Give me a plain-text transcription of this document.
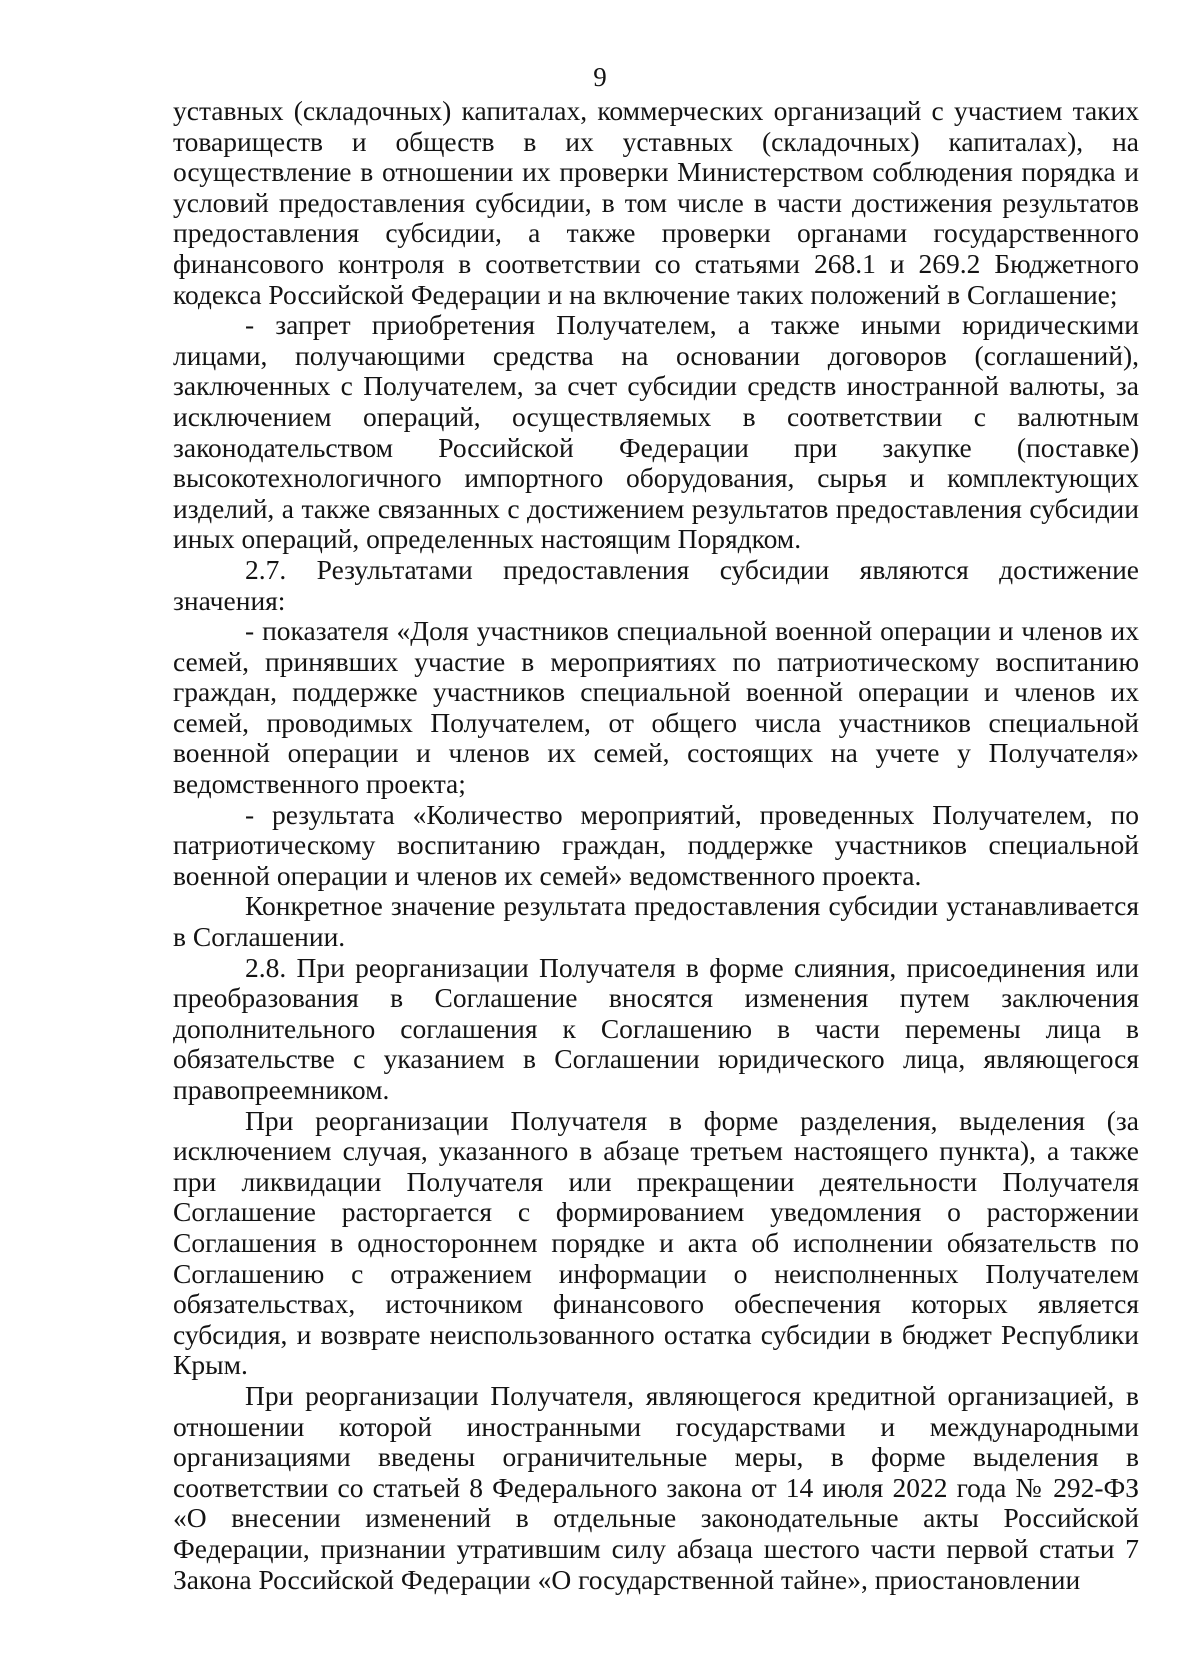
9

уставных (складочных) капиталах, коммерческих организаций с участием таких товариществ и обществ в их уставных (складочных) капиталах), на осуществление в отношении их проверки Министерством соблюдения порядка и условий предоставления субсидии, в том числе в части достижения результатов предоставления субсидии, а также проверки органами государственного финансового контроля в соответствии со статьями 268.1 и 269.2 Бюджетного кодекса Российской Федерации и на включение таких положений в Соглашение;

- запрет приобретения Получателем, а также иными юридическими лицами, получающими средства на основании договоров (соглашений), заключенных с Получателем, за счет субсидии средств иностранной валюты, за исключением операций, осуществляемых в соответствии с валютным законодательством Российской Федерации при закупке (поставке) высокотехнологичного импортного оборудования, сырья и комплектующих изделий, а также связанных с достижением результатов предоставления субсидии иных операций, определенных настоящим Порядком.

2.7. Результатами предоставления субсидии являются достижение значения:

- показателя «Доля участников специальной военной операции и членов их семей, принявших участие в мероприятиях по патриотическому воспитанию граждан, поддержке участников специальной военной операции и членов их семей, проводимых Получателем, от общего числа участников специальной военной операции и членов их семей, состоящих на учете у Получателя» ведомственного проекта;

- результата «Количество мероприятий, проведенных Получателем, по патриотическому воспитанию граждан, поддержке участников специальной военной операции и членов их семей» ведомственного проекта.

Конкретное значение результата предоставления субсидии устанавливается в Соглашении.

2.8. При реорганизации Получателя в форме слияния, присоединения или преобразования в Соглашение вносятся изменения путем заключения дополнительного соглашения к Соглашению в части перемены лица в обязательстве с указанием в Соглашении юридического лица, являющегося правопреемником.

При реорганизации Получателя в форме разделения, выделения (за исключением случая, указанного в абзаце третьем настоящего пункта), а также при ликвидации Получателя или прекращении деятельности Получателя Соглашение расторгается с формированием уведомления о расторжении Соглашения в одностороннем порядке и акта об исполнении обязательств по Соглашению с отражением информации о неисполненных Получателем обязательствах, источником финансового обеспечения которых является субсидия, и возврате неиспользованного остатка субсидии в бюджет Республики Крым.

При реорганизации Получателя, являющегося кредитной организацией, в отношении которой иностранными государствами и международными организациями введены ограничительные меры, в форме выделения в соответствии со статьей 8 Федерального закона от 14 июля 2022 года № 292-ФЗ «О внесении изменений в отдельные законодательные акты Российской Федерации, признании утратившим силу абзаца шестого части первой статьи 7 Закона Российской Федерации «О государственной тайне», приостановлении
